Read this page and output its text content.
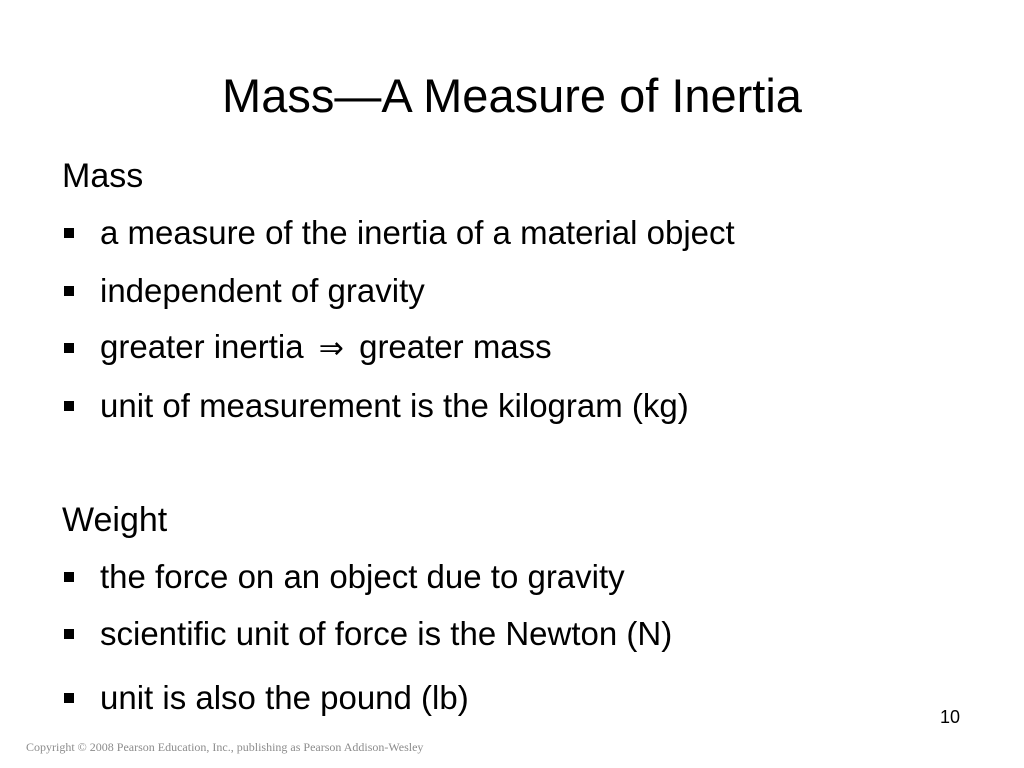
Mass—A Measure of Inertia
Mass
a measure of the inertia of a material object
independent of gravity
greater inertia ⇒ greater mass
unit of measurement is the kilogram (kg)
Weight
the force on an object due to gravity
scientific unit of force is the Newton (N)
unit is also the pound (lb)
10
Copyright © 2008 Pearson Education, Inc., publishing as Pearson Addison-Wesley
